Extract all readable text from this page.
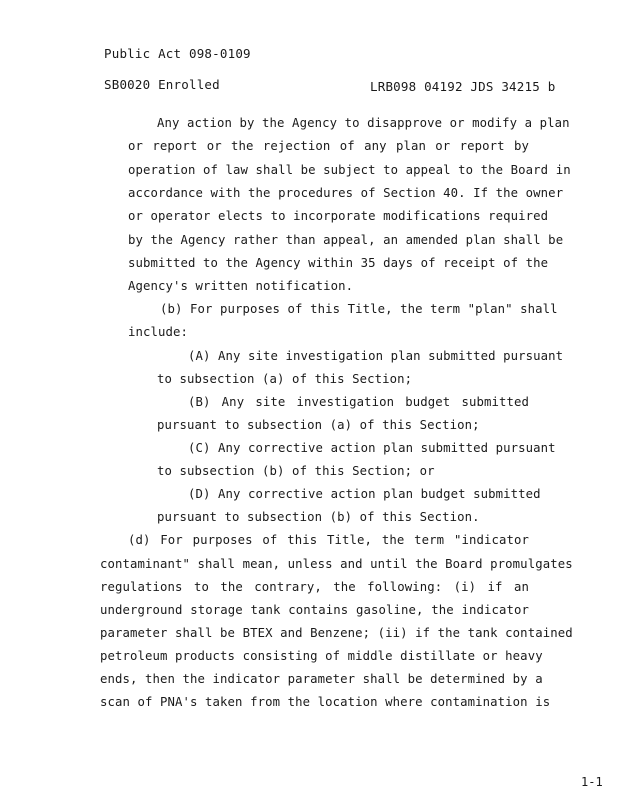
Public Act 098-0109
SB0020 Enrolled	LRB098 04192 JDS 34215 b
Any action by the Agency to disapprove or modify a plan
or report or the rejection of any plan or report by
operation of law shall be subject to appeal to the Board in
accordance with the procedures of Section 40. If the owner
or operator elects to incorporate modifications required
by the Agency rather than appeal, an amended plan shall be
submitted to the Agency within 35 days of receipt of the
Agency's written notification.
(b) For purposes of this Title, the term "plan" shall
include:
(A) Any site investigation plan submitted pursuant
to subsection (a) of this Section;
(B) Any site investigation budget submitted
pursuant to subsection (a) of this Section;
(C) Any corrective action plan submitted pursuant
to subsection (b) of this Section; or
(D) Any corrective action plan budget submitted
pursuant to subsection (b) of this Section.
(d) For purposes of this Title, the term "indicator
contaminant" shall mean, unless and until the Board promulgates
regulations to the contrary, the following: (i) if an
underground storage tank contains gasoline, the indicator
parameter shall be BTEX and Benzene; (ii) if the tank contained
petroleum products consisting of middle distillate or heavy
ends, then the indicator parameter shall be determined by a
scan of PNA's taken from the location where contamination is
1-1
